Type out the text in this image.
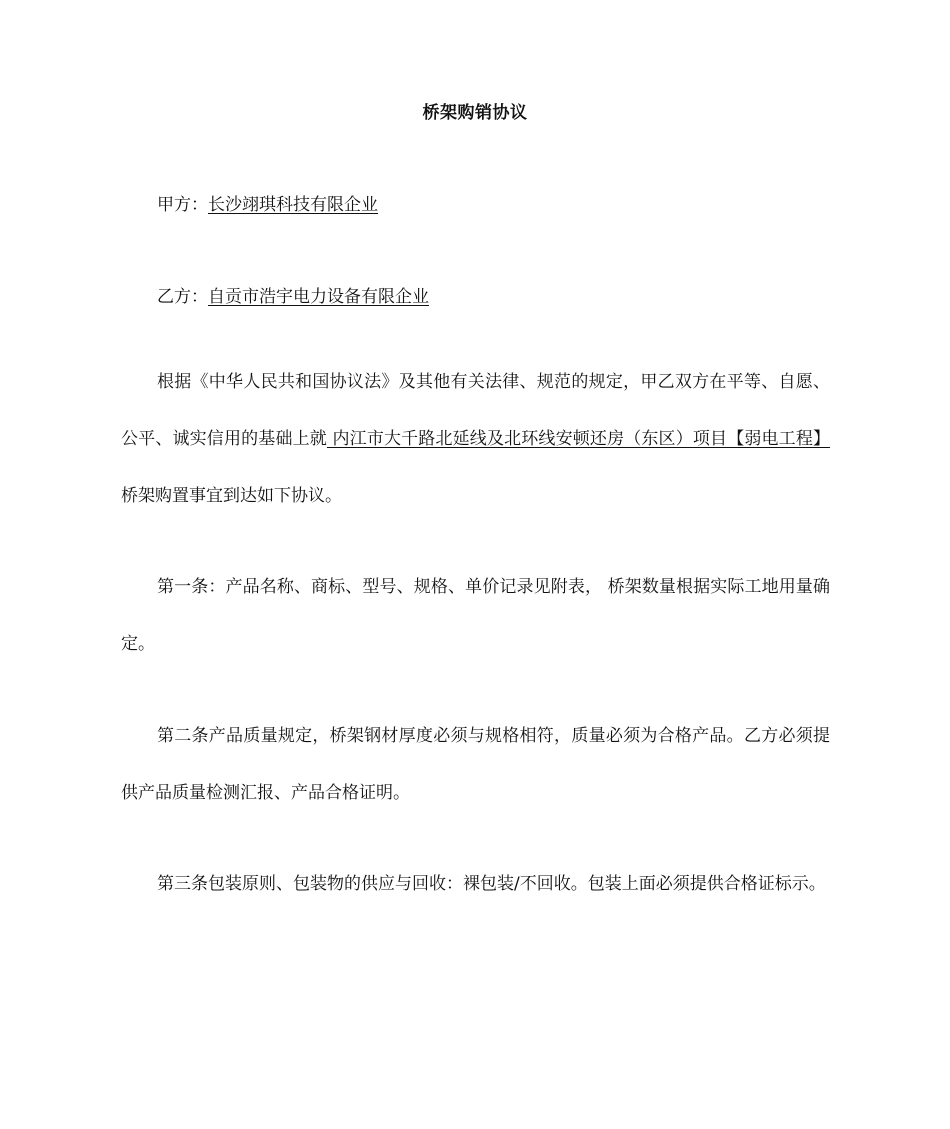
桥架购销协议
甲方：长沙翊琪科技有限企业
乙方：自贡市浩宇电力设备有限企业
根据《中华人民共和国协议法》及其他有关法律、规范的规定，甲乙双方在平等、自愿、公平、诚实信用的基础上就 内江市大千路北延线及北环线安顿还房（东区）项目【弱电工程】 桥架购置事宜到达如下协议。
第一条：产品名称、商标、型号、规格、单价记录见附表， 桥架数量根据实际工地用量确定。
第二条产品质量规定，桥架钢材厚度必须与规格相符，质量必须为合格产品。乙方必须提供产品质量检测汇报、产品合格证明。
第三条包装原则、包装物的供应与回收：裸包装/不回收。包装上面必须提供合格证标示。
